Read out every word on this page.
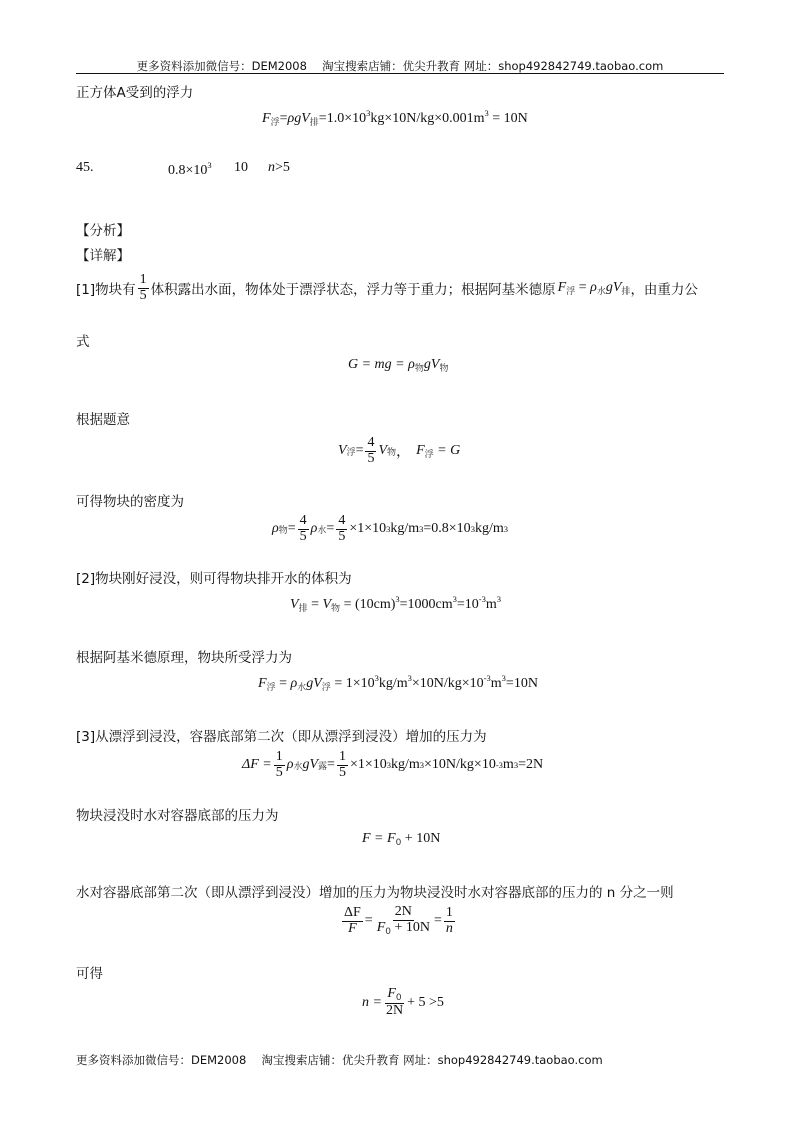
更多资料添加微信号：DEM2008　 淘宝搜索店铺：优尖升教育 网址：shop492842749.taobao.com
正方体A受到的浮力
$F_浮=\rho gV_排=1.0\times 10^3kg\times 10N/kg\times 0.001m^3 = 10N$
45.	$0.8\times 10^3$ 10 n>5
【分析】
【详解】
[1]物块有 $\frac{1}{5}$ 体积露出水面，物体处于漂浮状态，浮力等于重力；根据阿基米德原 $F_浮 = \rho_水gV_排$ ，由重力公
式
G = mg = $\rho_物gV_物$
根据题意
V 浮 = $\frac{4}{5}$ V 物 ， $F_浮 = G$
可得物块的密度为
ρ 物 = $\frac{4}{5}$ ρ 水 = $\frac{4}{5} \times 1\times 10$ 3 kg/m 3 =0.8×10 3 kg/m 3
[2]物块刚好浸没，则可得物块排开水的体积为
$V_排 = V_物 = (10cm)^3=1000cm^3=10^{-3}m^3$
根据阿基米德原理，物块所受浮力为
$F_浮 = \rho_水gV_浮 = 1\times 10^3kg/m^3\times 10N/kg\times 10^{-3}m^3=10N$
[3]从漂浮到浸没，容器底部第二次（即从漂浮到浸没）增加的压力为
$\Delta F = \frac{1}{5}$ ρ 水 g V 露 = $\frac{1}{5} \times 1\times 10$ 3 kg/m 3 ×10N/kg×10 -3 m 3 =2N
物块浸没时水对容器底部的压力为
$F = F_0 + 10N$
水对容器底部第二次（即从漂浮到浸没）增加的压力为物块浸没时水对容器底部的压力的 n 分之一则
$\frac{\Delta F}{F} = \frac{2N}{F_0 + 10N} = \frac{1}{n}$
可得
$n = \frac{F_0}{2N} + 5 >5$
更多资料添加微信号：DEM2008　 淘宝搜索店铺：优尖升教育 网址：shop492842749.taobao.com
